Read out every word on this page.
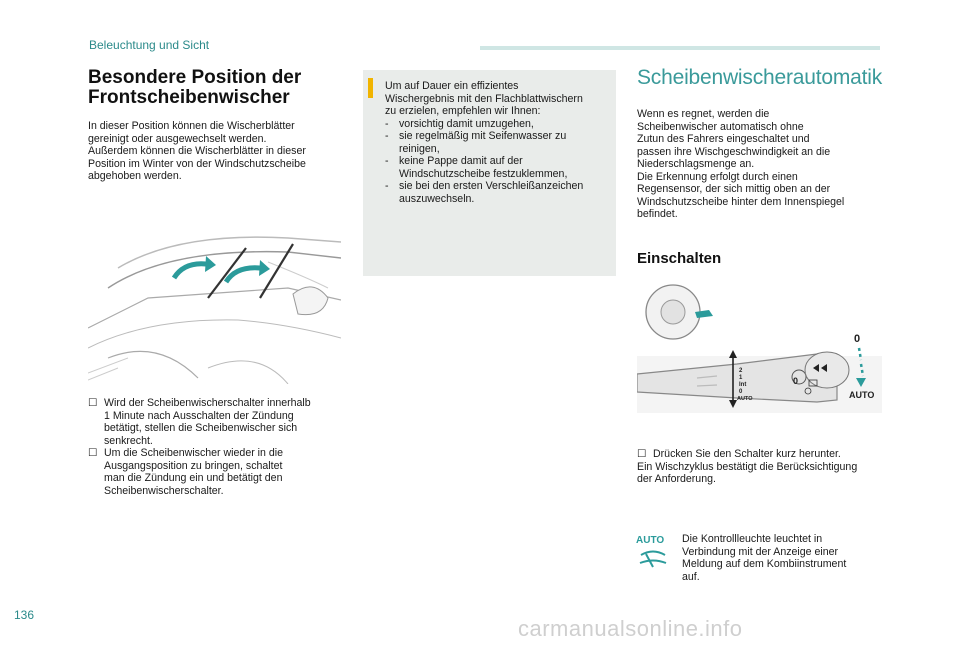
Beleuchtung und Sicht
Besondere Position der
Frontscheibenwischer
In dieser Position können die Wischerblätter
gereinigt oder ausgewechselt werden.
Außerdem können die Wischerblätter in dieser
Position im Winter von der Windschutzscheibe
abgehoben werden.
☐ Wird der Scheibenwischerschalter innerhalb
1 Minute nach Ausschalten der Zündung
betätigt, stellen die Scheibenwischer sich
senkrecht.
☐ Um die Scheibenwischer wieder in die
Ausgangsposition zu bringen, schaltet
man die Zündung ein und betätigt den
Scheibenwischerschalter.
Um auf Dauer ein effizientes
Wischergebnis mit den Flachblattwischern
zu erzielen, empfehlen wir Ihnen:
- vorsichtig damit umzugehen,
- sie regelmäßig mit Seifenwasser zu
reinigen,
- keine Pappe damit auf der
Windschutzscheibe festzuklemmen,
- sie bei den ersten Verschleißanzeichen
auszuwechseln.
Scheibenwischerautomatik
Wenn es regnet, werden die
Scheibenwischer automatisch ohne
Zutun des Fahrers eingeschaltet und
passen ihre Wischgeschwindigkeit an die
Niederschlagsmenge an.
Die Erkennung erfolgt durch einen
Regensensor, der sich mittig oben an der
Windschutzscheibe hinter dem Innenspiegel
befindet.
Einschalten
2
1
Int
0
AUTO
0
0
AUTO
☐ Drücken Sie den Schalter kurz herunter.
Ein Wischzyklus bestätigt die Berücksichtigung
der Anforderung.
AUTO Die Kontrollleuchte leuchtet in
Verbindung mit der Anzeige einer
Meldung auf dem Kombiinstrument
auf.
136
carmanualsonline.info
